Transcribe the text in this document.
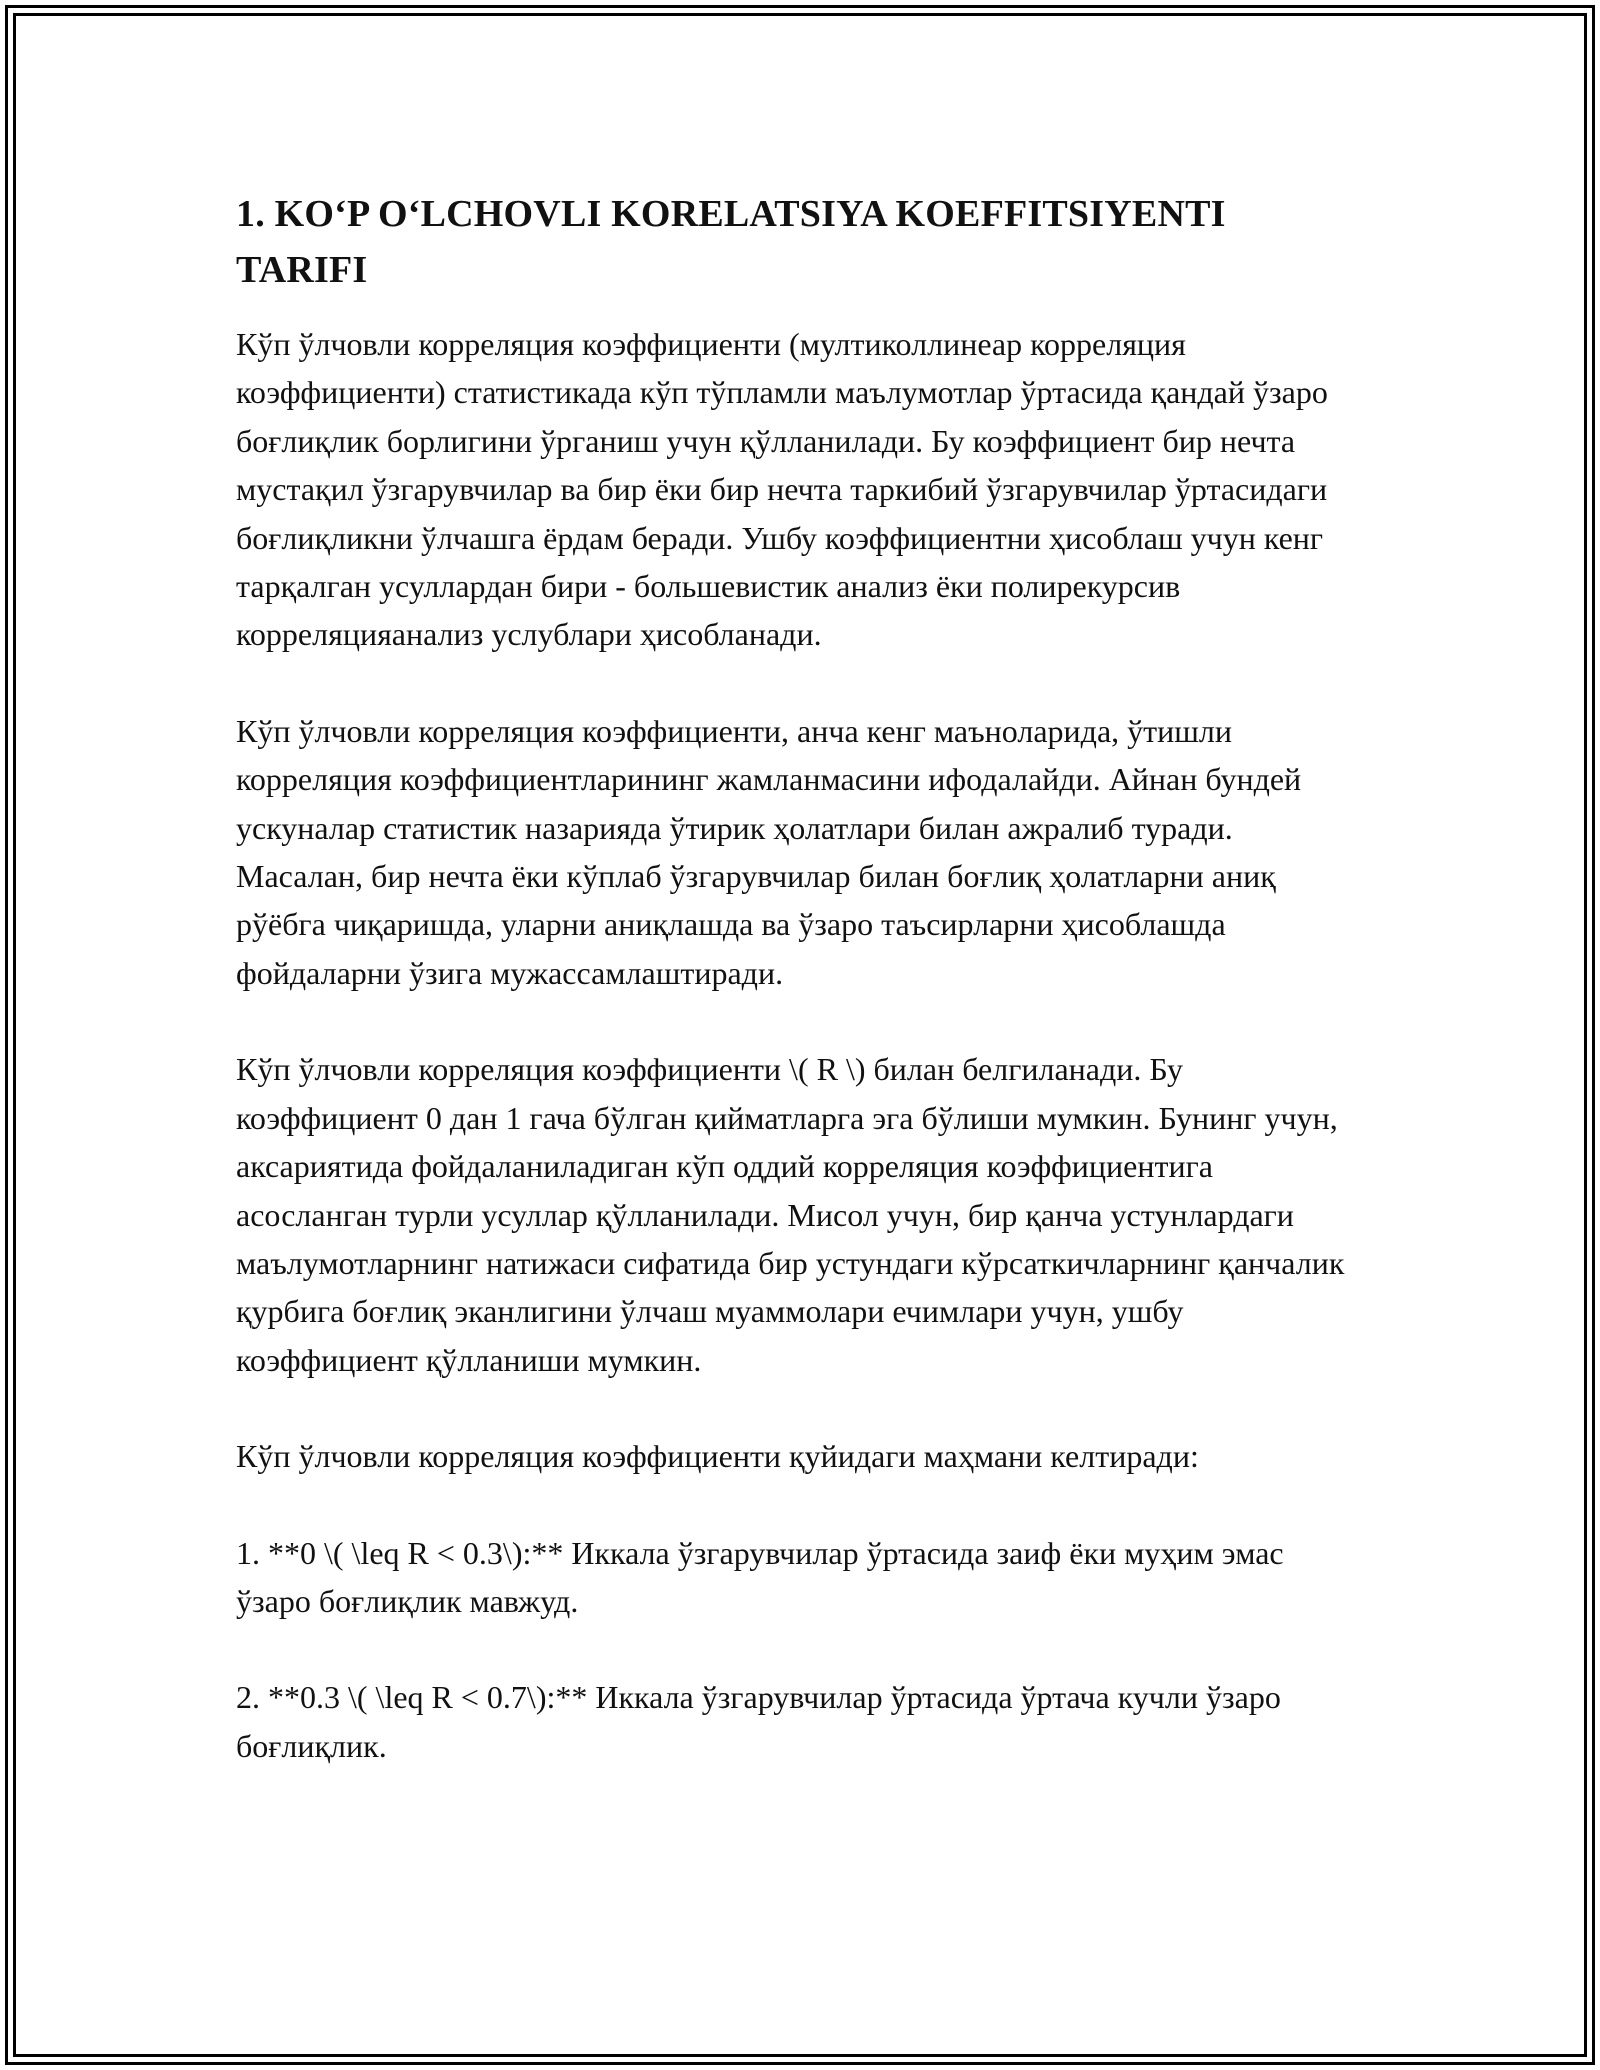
1. KO‘P O‘LCHOVLI KORELATSIYA KOEFFITSIYENTI TARIFI

Кўп ўлчовли корреляция коэффициенти (мултиколлинеар корреляция коэффициенти) статистикада кўп тўпламли маълумотлар ўртасида қандай ўзаро боғлиқлик борлигини ўрганиш учун қўлланилади. Бу коэффициент бир нечта мустақил ўзгарувчилар ва бир ёки бир нечта таркибий ўзгарувчилар ўртасидаги боғлиқликни ўлчашга ёрдам беради. Ушбу коэффициентни ҳисоблаш учун кенг тарқалган усуллардан бири - большевистик анализ ёки полирекурсив корреляцияанализ услублари ҳисобланади.

Кўп ўлчовли корреляция коэффициенти, анча кенг маъноларида, ўтишли корреляция коэффициентларининг жамланмасини ифодалайди. Айнан бундей ускуналар статистик назарияда ўтирик ҳолатлари билан ажралиб туради. Масалан, бир нечта ёки кўплаб ўзгарувчилар билан боғлиқ ҳолатларни аниқ рўёбга чиқаришда, уларни аниқлашда ва ўзаро таъсирларни ҳисоблашда фойдаларни ўзига мужассамлаштиради.

Кўп ўлчовли корреляция коэффициенти \( R \) билан белгиланади. Бу коэффициент 0 дан 1 гача бўлган қийматларга эга бўлиши мумкин. Бунинг учун, аксариятида фойдаланиладиган кўп оддий корреляция коэффициентига асосланган турли усуллар қўлланилади. Мисол учун, бир қанча устунлардаги маълумотларнинг натижаси сифатида бир устундаги кўрсаткичларнинг қанчалик қурбига боғлиқ эканлигини ўлчаш муаммолари ечимлари учун, ушбу коэффициент қўлланиши мумкин.

Кўп ўлчовли корреляция коэффициенти қуйидаги маҳмани келтиради:

1. **0 \( \leq R < 0.3\):** Иккала ўзгарувчилар ўртасида заиф ёки муҳим эмас ўзаро боғлиқлик мавжуд.

2. **0.3 \( \leq R < 0.7\):** Иккала ўзгарувчилар ўртасида ўртача кучли ўзаро боғлиқлик.
